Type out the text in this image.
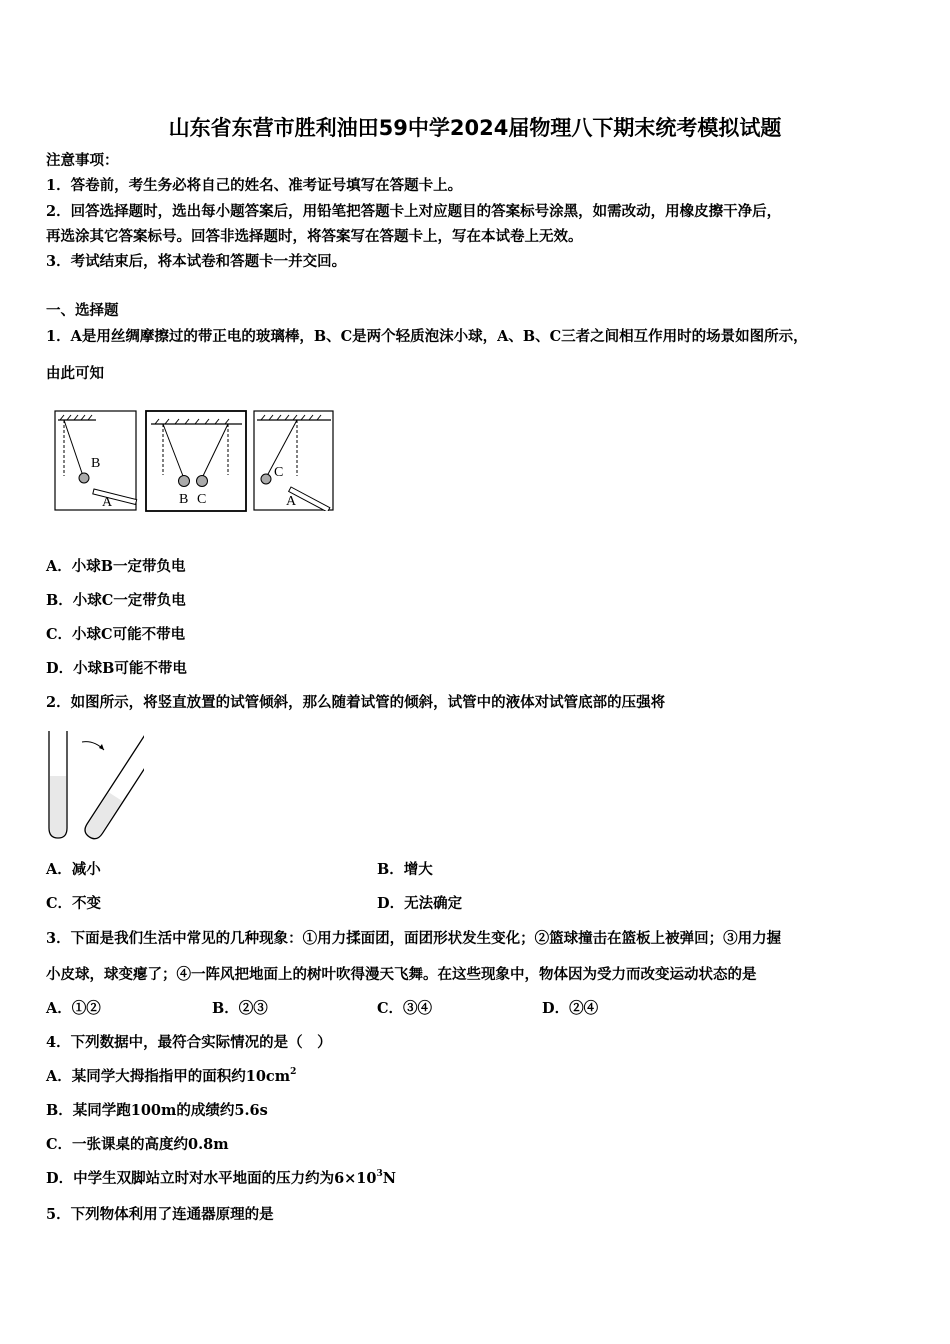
山东省东营市胜利油田59中学2024届物理八下期末统考模拟试题
注意事项：
1．答卷前，考生务必将自己的姓名、准考证号填写在答题卡上。
2．回答选择题时，选出每小题答案后，用铅笔把答题卡上对应题目的答案标号涂黑，如需改动，用橡皮擦干净后，
再选涂其它答案标号。回答非选择题时，将答案写在答题卡上，写在本试卷上无效。
3．考试结束后，将本试卷和答题卡一并交回。
一、选择题
1．A是用丝绸摩擦过的带正电的玻璃棒，B、C是两个轻质泡沫小球，A、B、C三者之间相互作用时的场景如图所示，
由此可知
B
A	B C
C
A
A．小球B一定带负电
B．小球C一定带负电
C．小球C可能不带电
D．小球B可能不带电
2．如图所示，将竖直放置的试管倾斜，那么随着试管的倾斜，试管中的液体对试管底部的压强将
A．减小	B．增大
C．不变	D．无法确定
3．下面是我们生活中常见的几种现象：①用力揉面团，面团形状发生变化；②篮球撞击在篮板上被弹回；③用力握
小皮球，球变瘪了；④一阵风把地面上的树叶吹得漫天飞舞。在这些现象中，物体因为受力而改变运动状态的是
A．①②	B．②③	C．③④	D．②④
4．下列数据中，最符合实际情况的是（　）
A．某同学大拇指指甲的面积约$10cm^2$
B．某同学跑100m的成绩约5.6s
C．一张课桌的高度约0.8m
D．中学生双脚站立时对水平地面的压力约为$6\times 10^3N$
5．下列物体利用了连通器原理的是
